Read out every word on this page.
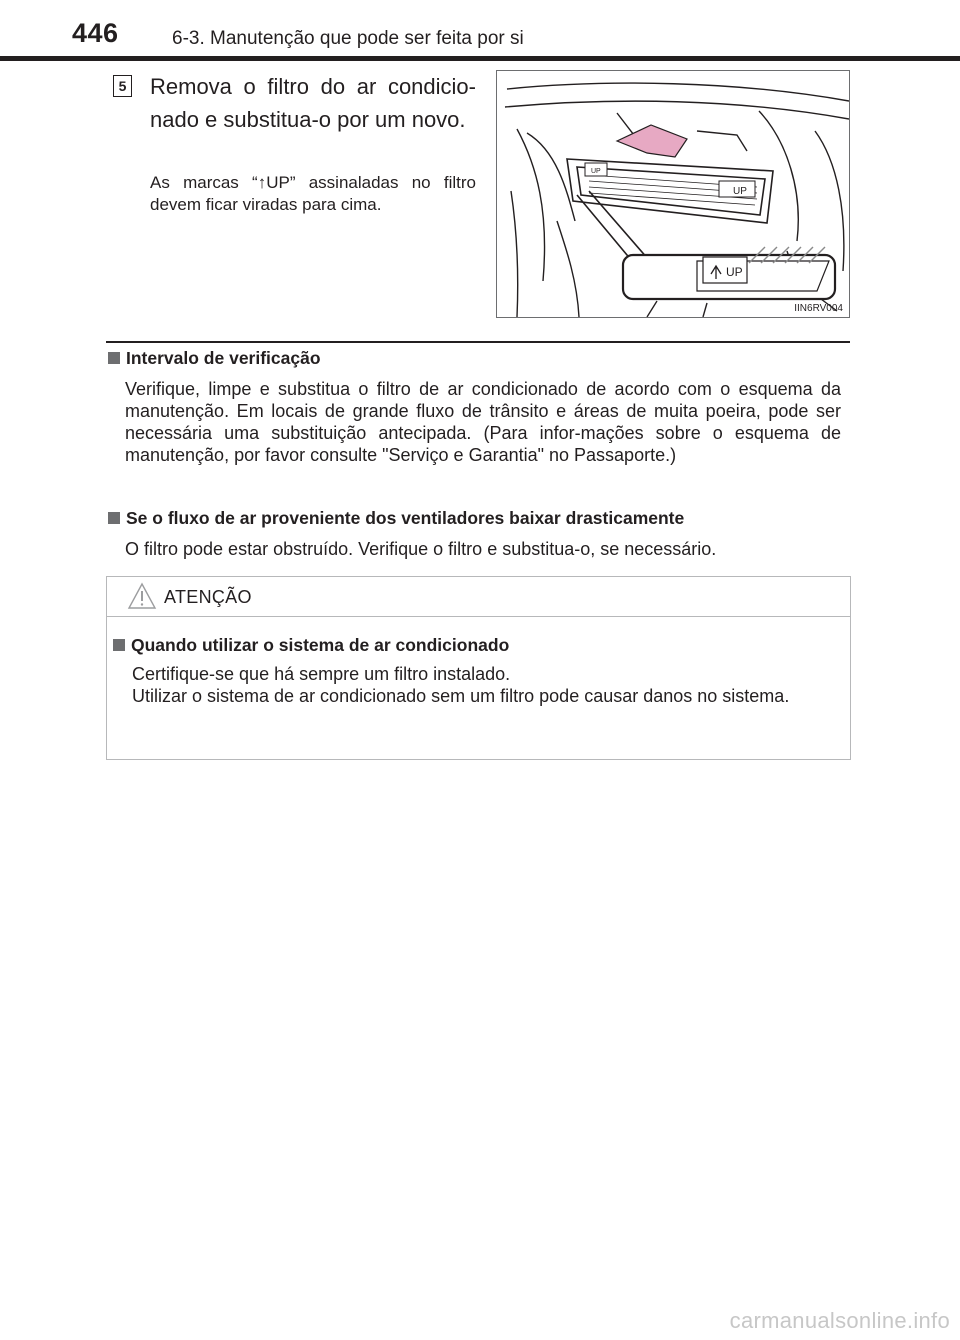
446	6-3. Manutenção que pode ser feita por si
5 Remova o filtro do ar condicio-nado e substitua-o por um novo.
As marcas “↑UP” assinaladas no filtro devem ficar viradas para cima.
UP
UP
UP
IIN6RV004
Intervalo de verificação
Verifique, limpe e substitua o filtro de ar condicionado de acordo com o esquema da manutenção. Em locais de grande fluxo de trânsito e áreas de muita poeira, pode ser necessária uma substituição antecipada. (Para infor-mações sobre o esquema de manutenção, por favor consulte "Serviço e Garantia" no Passaporte.)
Se o fluxo de ar proveniente dos ventiladores baixar drasticamente
O filtro pode estar obstruído. Verifique o filtro e substitua-o, se necessário.
ATENÇÃO
Quando utilizar o sistema de ar condicionado

Certifique-se que há sempre um filtro instalado.

Utilizar o sistema de ar condicionado sem um filtro pode causar danos no sistema.

carmanualsonline.info
